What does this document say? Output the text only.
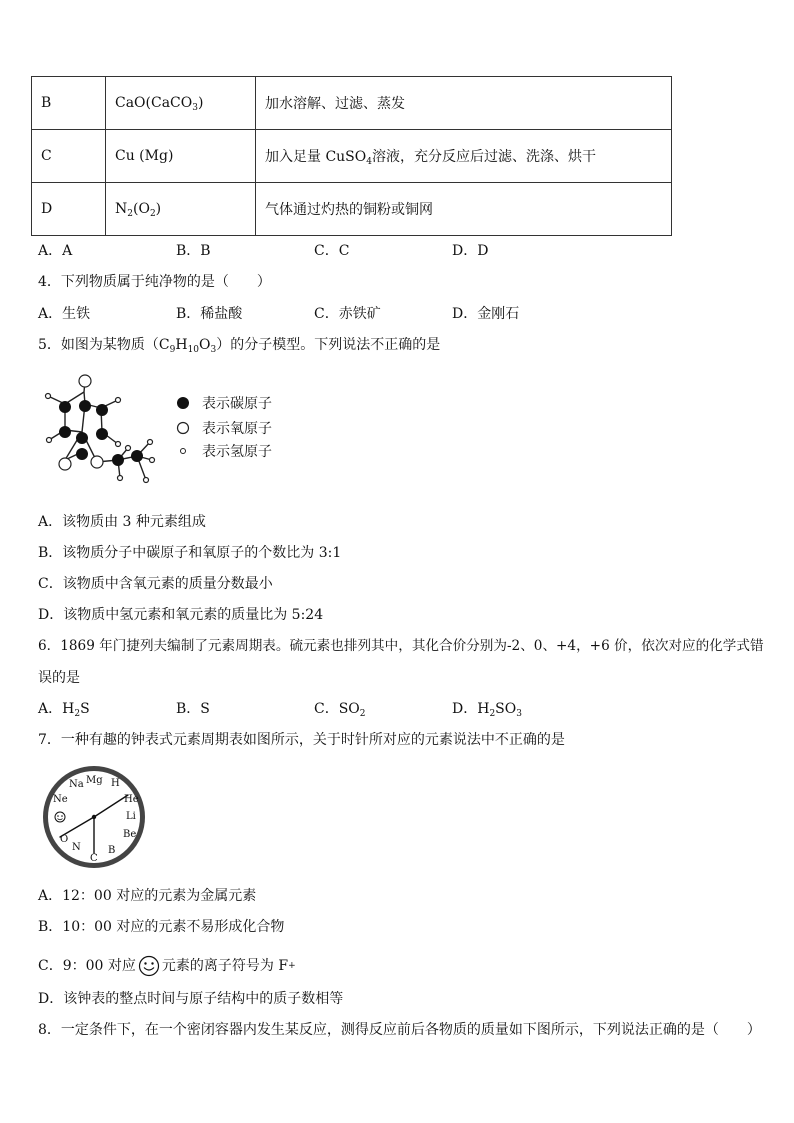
B	CaO(CaCO$_3$)	加水溶解、过滤、蒸发
C	Cu (Mg)	加入足量 CuSO$_4$溶液，充分反应后过滤、洗涤、烘干
D	$N_2(O_2)$	气体通过灼热的铜粉或铜网
A．A	B．B	C．C	D．D
4．下列物质属于纯净物的是（　　）
A．生铁	B．稀盐酸	C．赤铁矿	D．金刚石
5．如图为某物质$(C_9H_{10}O_3)$的分子模型。下列说法不正确的是
表示碳原子
表示氧原子
表示氢原子
A．该物质由 3 种元素组成
B．该物质分子中碳原子和氧原子的个数比为 3:1
C．该物质中含氧元素的质量分数最小
D．该物质中氢元素和氧元素的质量比为 5:24
6．1869 年门捷列夫编制了元素周期表。硫元素也排列其中，其化合价分别为-2、0、+4，+6 价，依次对应的化学式错
误的是
A．$H_2S$	B．S	C．$SO_2$	D．$H_2SO_3$
7．一种有趣的钟表式元素周期表如图所示，关于时针所对应的元素说法中不正确的是
H
He
Li
Be
B
C
N
O
Ne
Na Mg
A．12：00 对应的元素为金属元素
B．10：00 对应的元素不易形成化合物
C．9：00 对应 元素的离子符号为 F +
D．该钟表的整点时间与原子结构中的质子数相等
8．一定条件下，在一个密闭容器内发生某反应，测得反应前后各物质的质量如下图所示，下列说法正确的是（　　）
